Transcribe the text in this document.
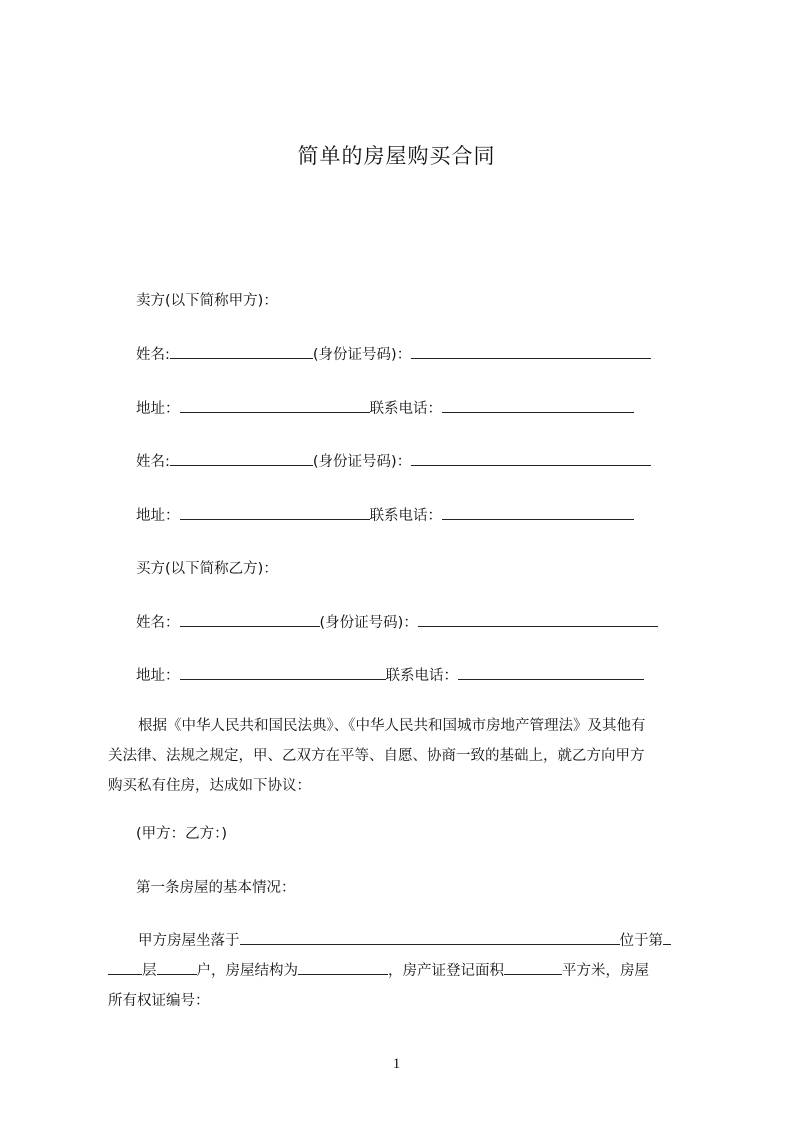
简单的房屋购买合同
卖方(以下简称甲方)：
姓名:	(身份证号码)：
地址：	联系电话：
姓名:	(身份证号码)：
地址：	联系电话：
买方(以下简称乙方)：
姓名：	(身份证号码)：
地址：	联系电话：
根据《中华人民共和国民法典》、《中华人民共和国城市房地产管理法》及其他有
关法律、法规之规定，甲、乙双方在平等、自愿、协商一致的基础上，就乙方向甲方
购买私有住房，达成如下协议：
(甲方：乙方：)
第一条房屋的基本情况：
甲方房屋坐落于	位于第
层	户，房屋结构为	，房产证登记面积	平方米，房屋
所有权证编号：
1
